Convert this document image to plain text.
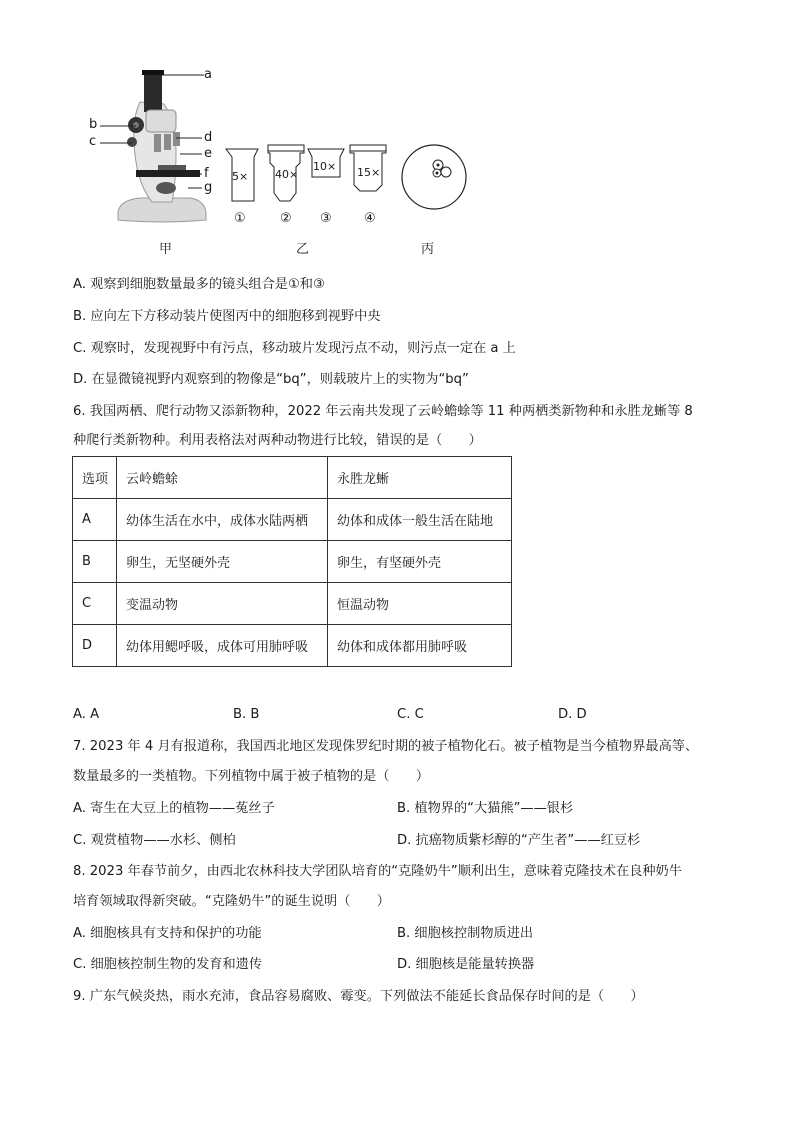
a
b
c	d
e
f
g
5× 40×
10× 15×
①	② ③ ④
甲	乙	丙
A. 观察到细胞数量最多的镜头组合是①和③
B. 应向左下方移动装片使图丙中的细胞移到视野中央
C. 观察时，发现视野中有污点，移动玻片发现污点不动，则污点一定在 a 上
D. 在显微镜视野内观察到的物像是“bq”，则载玻片上的实物为“bq”
6. 我国两栖、爬行动物又添新物种，2022 年云南共发现了云岭蟾蜍等 11 种两栖类新物种和永胜龙蜥等 8
种爬行类新物种。利用表格法对两种动物进行比较，错误的是（　　）
选项	云岭蟾蜍	永胜龙蜥
A	幼体生活在水中，成体水陆两栖	幼体和成体一般生活在陆地
B	卵生，无坚硬外壳	卵生，有坚硬外壳
C	变温动物	恒温动物
D	幼体用鳃呼吸，成体可用肺呼吸	幼体和成体都用肺呼吸
A. A	B. B	C. C	D. D
7. 2023 年 4 月有报道称，我国西北地区发现侏罗纪时期的被子植物化石。被子植物是当今植物界最高等、
数量最多的一类植物。下列植物中属于被子植物的是（　　）
A. 寄生在大豆上的植物——菟丝子	B. 植物界的“大猫熊”——银杉
C. 观赏植物——水杉、侧柏	D. 抗癌物质紫杉醇的“产生者”——红豆杉
8. 2023 年春节前夕，由西北农林科技大学团队培育的“克隆奶牛”顺利出生，意味着克隆技术在良种奶牛
培育领域取得新突破。“克隆奶牛”的诞生说明（　　）
A. 细胞核具有支持和保护的功能	B. 细胞核控制物质进出
C. 细胞核控制生物的发育和遗传	D. 细胞核是能量转换器
9. 广东气候炎热，雨水充沛，食品容易腐败、霉变。下列做法不能延长食品保存时间的是（　　）
